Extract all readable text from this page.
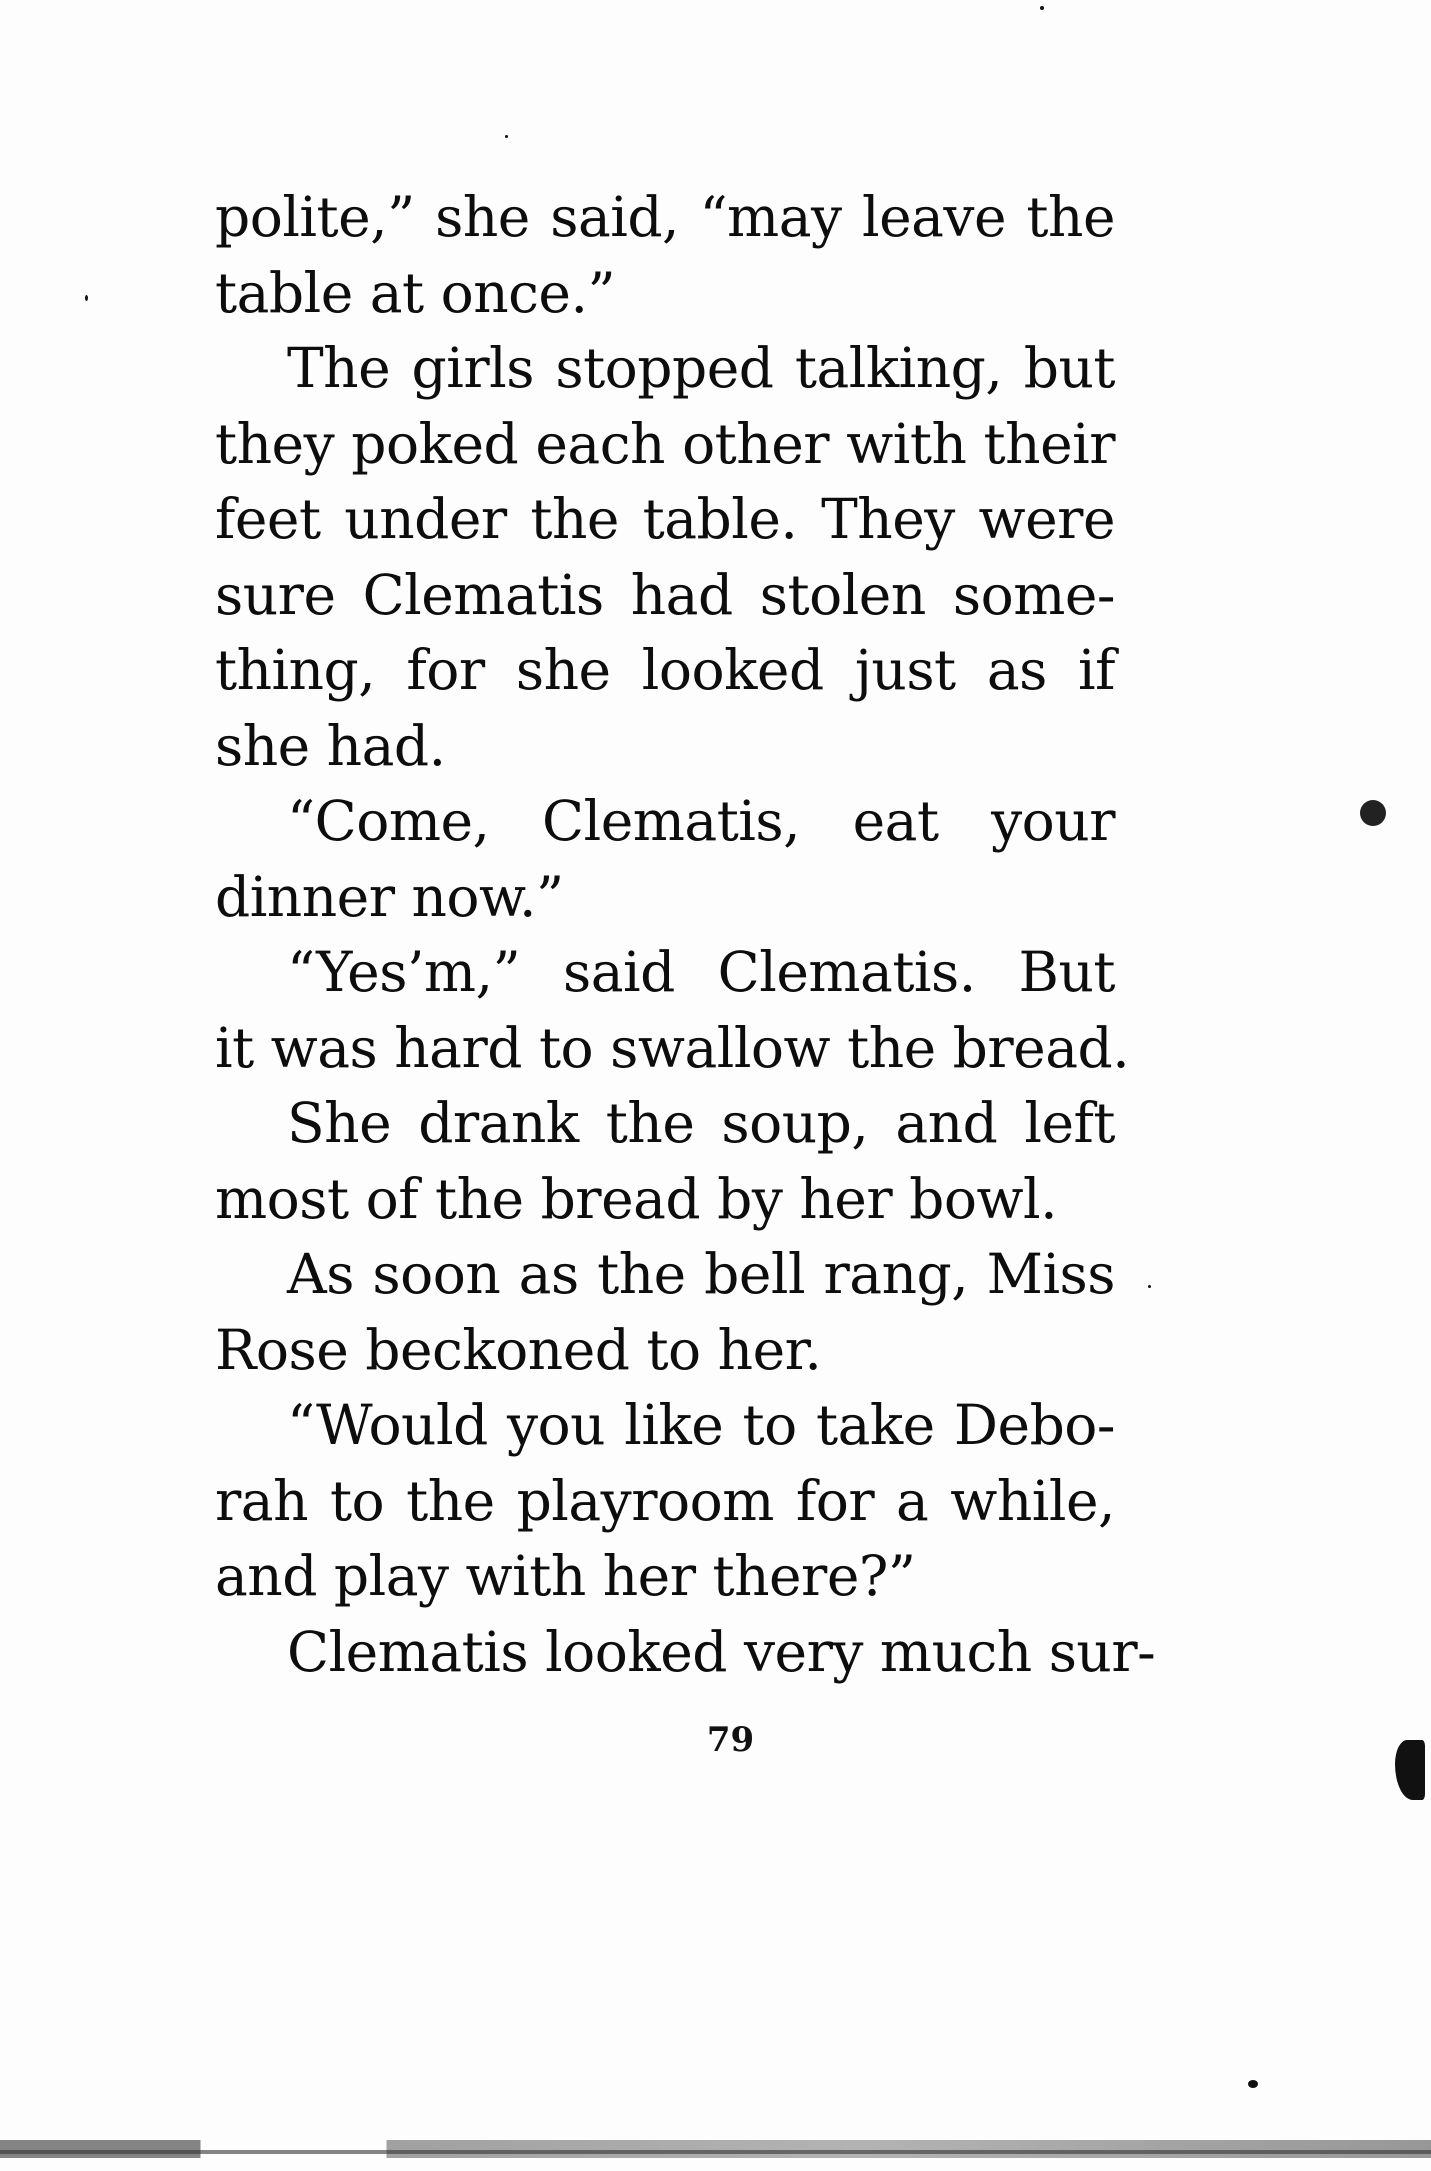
polite,” she said, “may leave the
table at once.”
The girls stopped talking, but
they poked each other with their
feet under the table. They were
sure Clematis had stolen some-
thing, for she looked just as if
she had.
“Come, Clematis, eat your
dinner now.”
“Yes’m,” said Clematis. But
it was hard to swallow the bread.
She drank the soup, and left
most of the bread by her bowl.
As soon as the bell rang, Miss
Rose beckoned to her.
“Would you like to take Debo-
rah to the playroom for a while,
and play with her there?”
Clematis looked very much sur-
79
